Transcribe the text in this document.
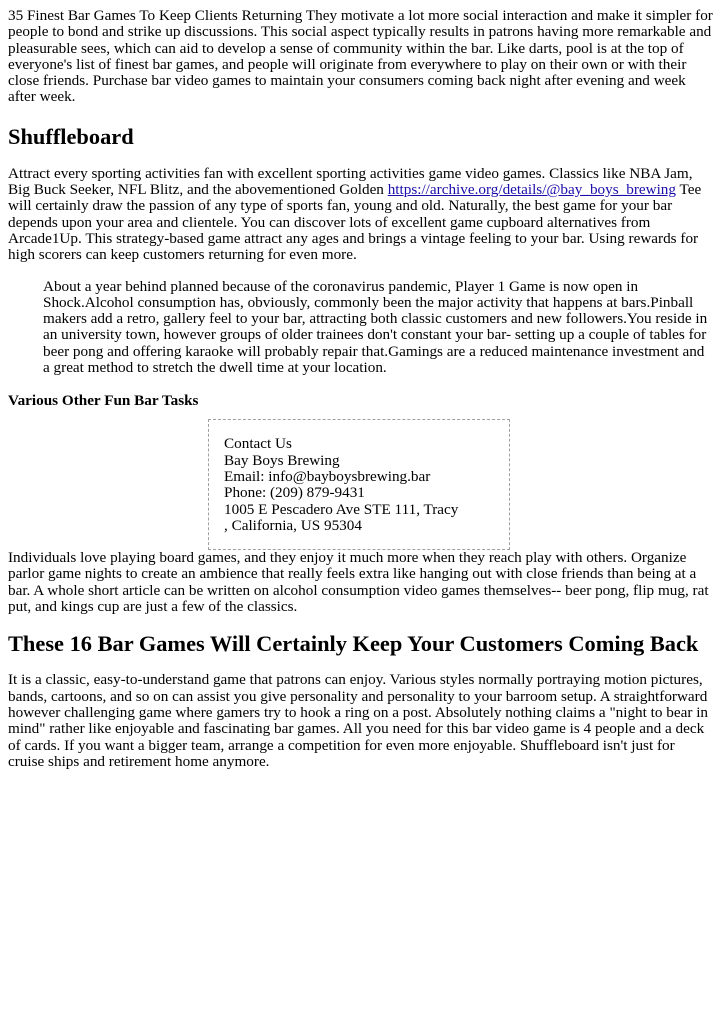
35 Finest Bar Games To Keep Clients Returning They motivate a lot more social interaction and make it simpler for people to bond and strike up discussions. This social aspect typically results in patrons having more remarkable and pleasurable sees, which can aid to develop a sense of community within the bar. Like darts, pool is at the top of everyone's list of finest bar games, and people will originate from everywhere to play on their own or with their close friends. Purchase bar video games to maintain your consumers coming back night after evening and week after week.

Shuffleboard

Attract every sporting activities fan with excellent sporting activities game video games. Classics like NBA Jam, Big Buck Seeker, NFL Blitz, and the abovementioned Golden https://archive.org/details/@bay_boys_brewing Tee will certainly draw the passion of any type of sports fan, young and old. Naturally, the best game for your bar depends upon your area and clientele. You can discover lots of excellent game cupboard alternatives from Arcade1Up. This strategy-based game attract any ages and brings a vintage feeling to your bar. Using rewards for high scorers can keep customers returning for even more.

About a year behind planned because of the coronavirus pandemic, Player 1 Game is now open in Shock.Alcohol consumption has, obviously, commonly been the major activity that happens at bars.Pinball makers add a retro, gallery feel to your bar, attracting both classic customers and new followers.You reside in an university town, however groups of older trainees don't constant your bar- setting up a couple of tables for beer pong and offering karaoke will probably repair that.Gamings are a reduced maintenance investment and a great method to stretch the dwell time at your location.
Various Other Fun Bar Tasks
Contact Us
Bay Boys Brewing
Email: info@bayboysbrewing.bar
Phone: (209) 879-9431
1005 E Pescadero Ave STE 111, Tracy
, California, US 95304

Individuals love playing board games, and they enjoy it much more when they reach play with others. Organize parlor game nights to create an ambience that really feels extra like hanging out with close friends than being at a bar. A whole short article can be written on alcohol consumption video games themselves-- beer pong, flip mug, rat put, and kings cup are just a few of the classics.

These 16 Bar Games Will Certainly Keep Your Customers Coming Back

It is a classic, easy-to-understand game that patrons can enjoy. Various styles normally portraying motion pictures, bands, cartoons, and so on can assist you give personality and personality to your barroom setup. A straightforward however challenging game where gamers try to hook a ring on a post. Absolutely nothing claims a "night to bear in mind" rather like enjoyable and fascinating bar games. All you need for this bar video game is 4 people and a deck of cards. If you want a bigger team, arrange a competition for even more enjoyable. Shuffleboard isn't just for cruise ships and retirement home anymore.
